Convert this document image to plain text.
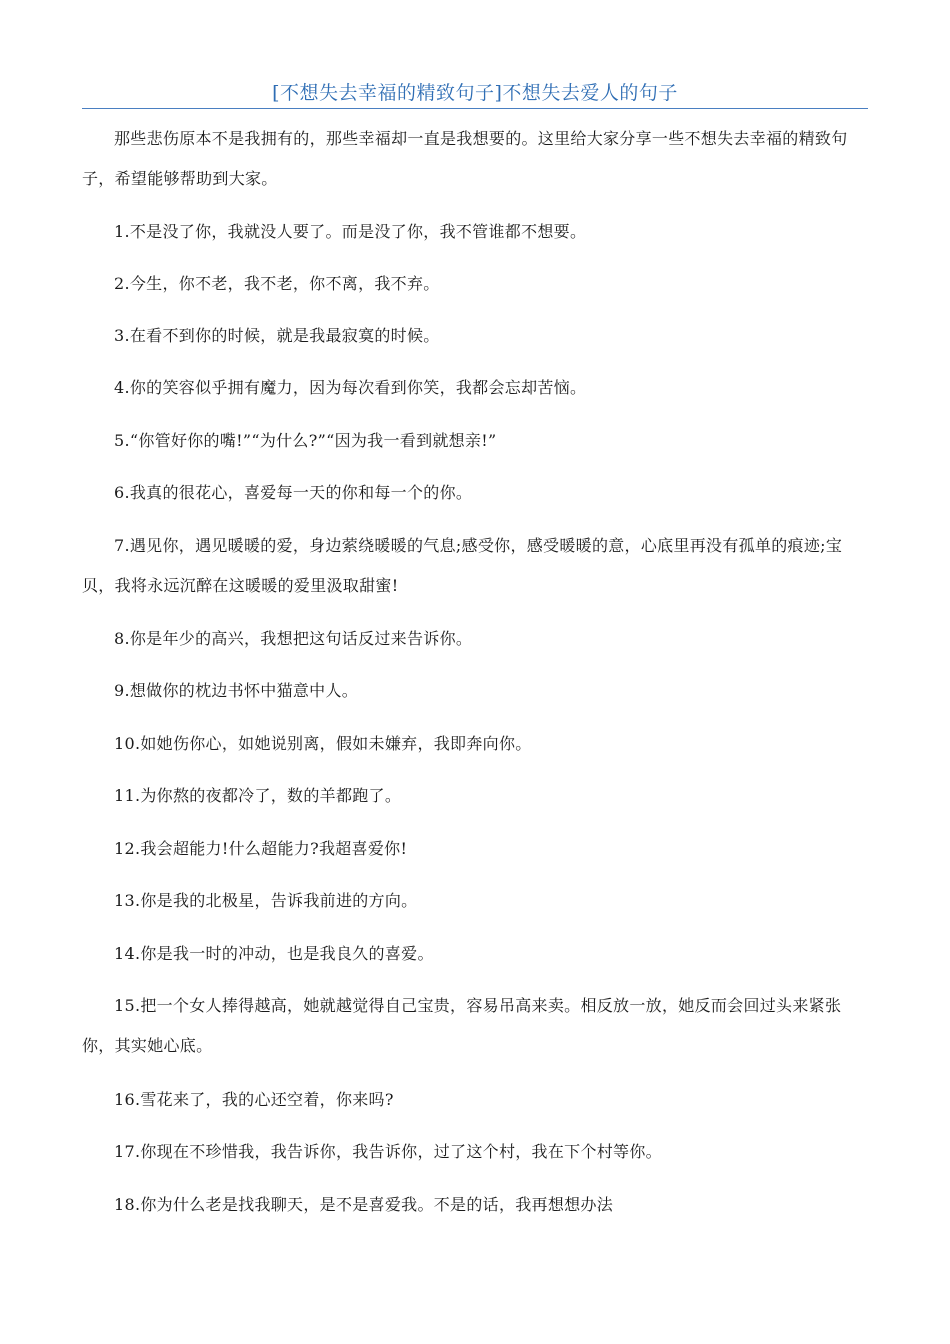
[不想失去幸福的精致句子]不想失去爱人的句子

那些悲伤原本不是我拥有的，那些幸福却一直是我想要的。这里给大家分享一些不想失去幸福的精致句子，希望能够帮助到大家。

1.不是没了你，我就没人要了。而是没了你，我不管谁都不想要。

2.今生，你不老，我不老，你不离，我不弃。

3.在看不到你的时候，就是我最寂寞的时候。

4.你的笑容似乎拥有魔力，因为每次看到你笑，我都会忘却苦恼。

5.“你管好你的嘴!”“为什么?”“因为我一看到就想亲!”

6.我真的很花心，喜爱每一天的你和每一个的你。

7.遇见你，遇见暖暖的爱，身边萦绕暖暖的气息;感受你，感受暖暖的意，心底里再没有孤单的痕迹;宝贝，我将永远沉醉在这暖暖的爱里汲取甜蜜!

8.你是年少的高兴，我想把这句话反过来告诉你。

9.想做你的枕边书怀中猫意中人。

10.如她伤你心，如她说别离，假如未嫌弃，我即奔向你。

11.为你熬的夜都冷了，数的羊都跑了。

12.我会超能力!什么超能力?我超喜爱你!

13.你是我的北极星，告诉我前进的方向。

14.你是我一时的冲动，也是我良久的喜爱。

15.把一个女人捧得越高，她就越觉得自己宝贵，容易吊高来卖。相反放一放，她反而会回过头来紧张你，其实她心底。

16.雪花来了，我的心还空着，你来吗?

17.你现在不珍惜我，我告诉你，我告诉你，过了这个村，我在下个村等你。

18.你为什么老是找我聊天，是不是喜爱我。不是的话，我再想想办法
